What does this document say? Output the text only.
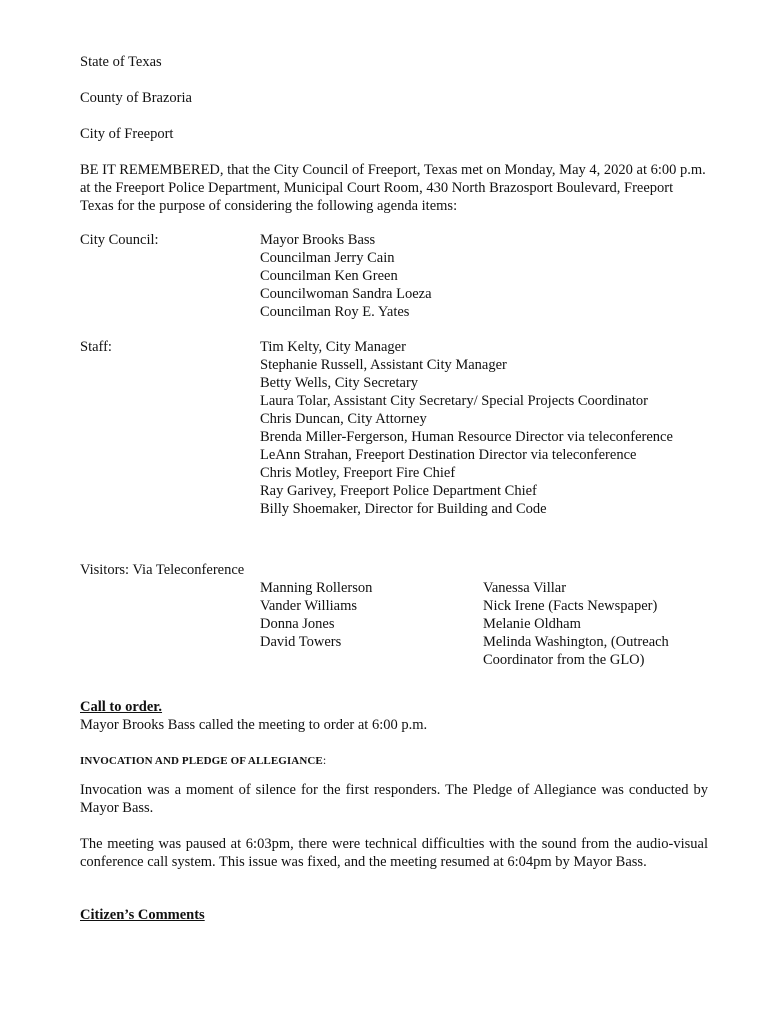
State of Texas
County of Brazoria
City of Freeport
BE IT REMEMBERED, that the City Council of Freeport, Texas met on Monday, May 4, 2020 at 6:00 p.m. at the Freeport Police Department, Municipal Court Room, 430 North Brazosport Boulevard, Freeport Texas for the purpose of considering the following agenda items:
City Council:	Mayor Brooks Bass
Councilman Jerry Cain
Councilman Ken Green
Councilwoman Sandra Loeza
Councilman Roy E. Yates
Staff:	Tim Kelty, City Manager
Stephanie Russell, Assistant City Manager
Betty Wells, City Secretary
Laura Tolar, Assistant City Secretary/ Special Projects Coordinator
Chris Duncan, City Attorney
Brenda Miller-Fergerson, Human Resource Director via teleconference
LeAnn Strahan, Freeport Destination Director via teleconference
Chris Motley, Freeport Fire Chief
Ray Garivey, Freeport Police Department Chief
Billy Shoemaker, Director for Building and Code
Visitors: Via Teleconference
Manning Rollerson
Vander Williams
Donna Jones
David Towers
Vanessa Villar
Nick Irene (Facts Newspaper)
Melanie Oldham
Melinda Washington, (Outreach
Coordinator from the GLO)
Call to order.
Mayor Brooks Bass called the meeting to order at 6:00 p.m.
INVOCATION AND PLEDGE OF ALLEGIANCE:
Invocation was a moment of silence for the first responders. The Pledge of Allegiance was conducted by Mayor Bass.
The meeting was paused at 6:03pm, there were technical difficulties with the sound from the audio-visual conference call system. This issue was fixed, and the meeting resumed at 6:04pm by Mayor Bass.
Citizen’s Comments
